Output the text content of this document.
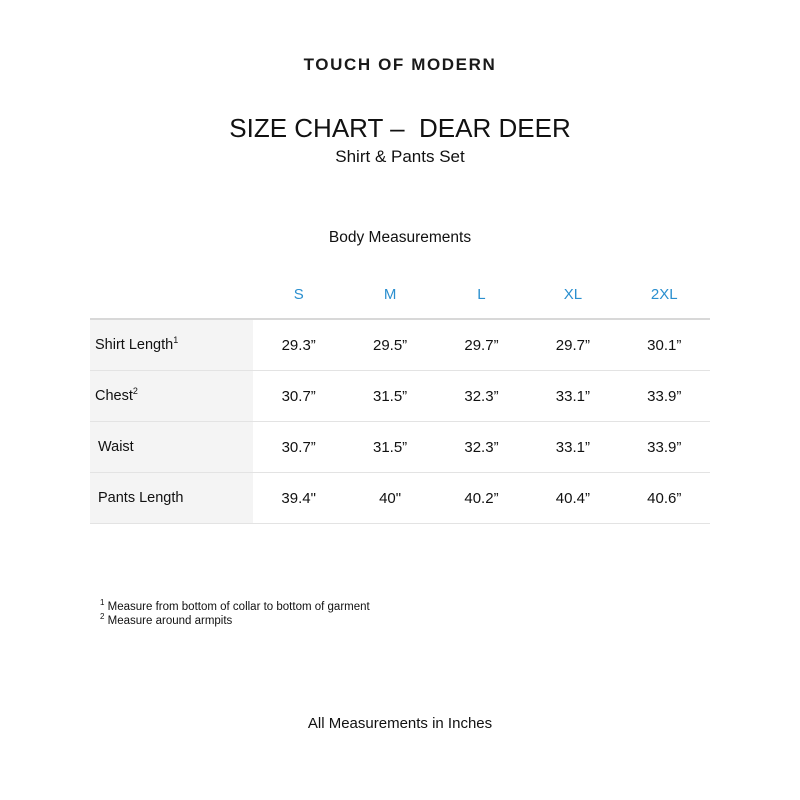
TOUCH OF MODERN
SIZE CHART –  DEAR DEER
Shirt & Pants Set
Body Measurements
	S	M	L	XL	2XL
Shirt Length$^1$	29.3”	29.5”	29.7”	29.7”	30.1”
Chest$^2$	30.7”	31.5”	32.3”	33.1”	33.9”
Waist	30.7”	31.5”	32.3”	33.1”	33.9”
Pants Length	39.4"	40"	40.2”	40.4”	40.6”
$^1$ Measure from bottom of collar to bottom of garment
$^2$ Measure around armpits
All Measurements in Inches
